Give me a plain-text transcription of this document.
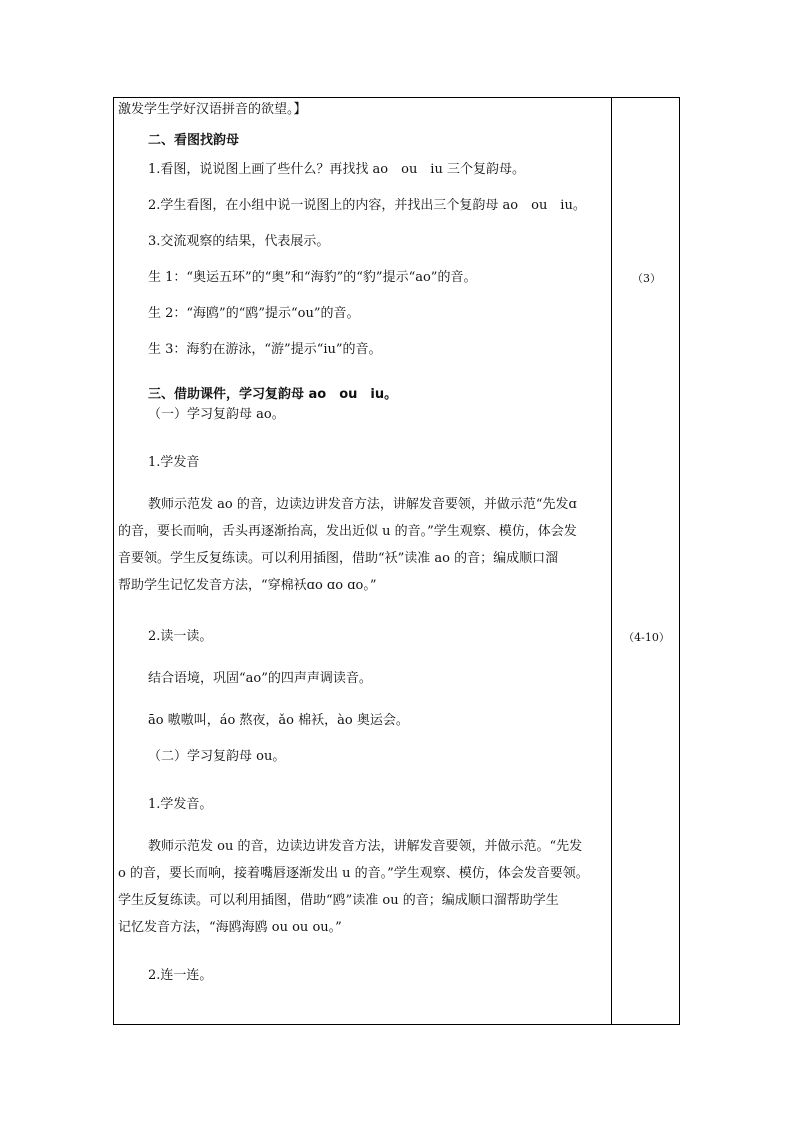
激发学生学好汉语拼音的欲望。】
二、看图找韵母
1.看图，说说图上画了些什么？再找找 ao　ou　iu 三个复韵母。
2.学生看图，在小组中说一说图上的内容，并找出三个复韵母 ao　ou　iu。
3.交流观察的结果，代表展示。
生 1：“奥运五环”的“奥”和“海豹”的“豹”提示“ao”的音。
生 2：“海鸥”的“鸥”提示“ou”的音。
生 3：海豹在游泳，“游”提示“iu”的音。
三、借助课件，学习复韵母 ao　ou　iu。
（一）学习复韵母 ao。
1.学发音
教师示范发 ao 的音，边读边讲发音方法，讲解发音要领，并做示范“先发ɑ
的音，要长而响，舌头再逐渐抬高，发出近似 u 的音。”学生观察、模仿，体会发
音要领。学生反复练读。可以利用插图，借助“袄”读准 ao 的音；编成顺口溜
帮助学生记忆发音方法，“穿棉袄ɑo ɑo ɑo。”
2.读一读。
结合语境，巩固“ao”的四声声调读音。
āo 嗷嗷叫，áo 熬夜，ǎo 棉袄，ào 奥运会。
（二）学习复韵母 ou。
1.学发音。
教师示范发 ou 的音，边读边讲发音方法，讲解发音要领，并做示范。“先发
o 的音，要长而响，接着嘴唇逐渐发出 u 的音。”学生观察、模仿，体会发音要领。
学生反复练读。可以利用插图，借助“鸥”读准 ou 的音；编成顺口溜帮助学生
记忆发音方法，“海鸥海鸥 ou ou ou。”
2.连一连。
（3）
（4-10）
